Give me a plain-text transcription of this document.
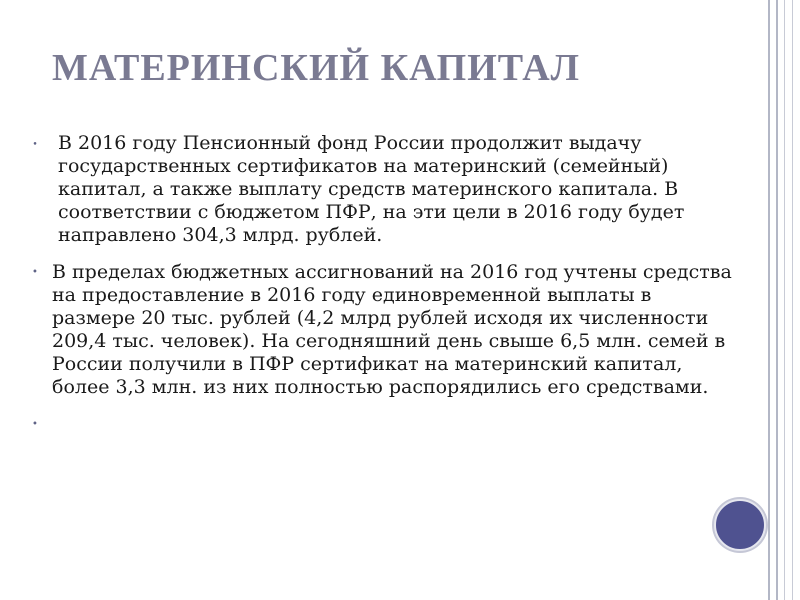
МАТЕРИНСКИЙ КАПИТАЛ
•	В 2016 году Пенсионный фонд России продолжит выдачу государственных сертификатов на материнский (семейный) капитал, а также выплату средств материнского капитала. В соответствии с бюджетом ПФР, на эти цели в 2016 году будет направлено 304,3 млрд. рублей.
• В пределах бюджетных ассигнований на 2016 год учтены средства на предоставление в 2016 году единовременной выплаты в размере 20 тыс. рублей (4,2 млрд рублей исходя их численности 209,4 тыс. человек). На сегодняшний день свыше 6,5 млн. семей в России получили в ПФР сертификат на материнский капитал, более 3,3 млн. из них полностью распорядились его средствами.
•
